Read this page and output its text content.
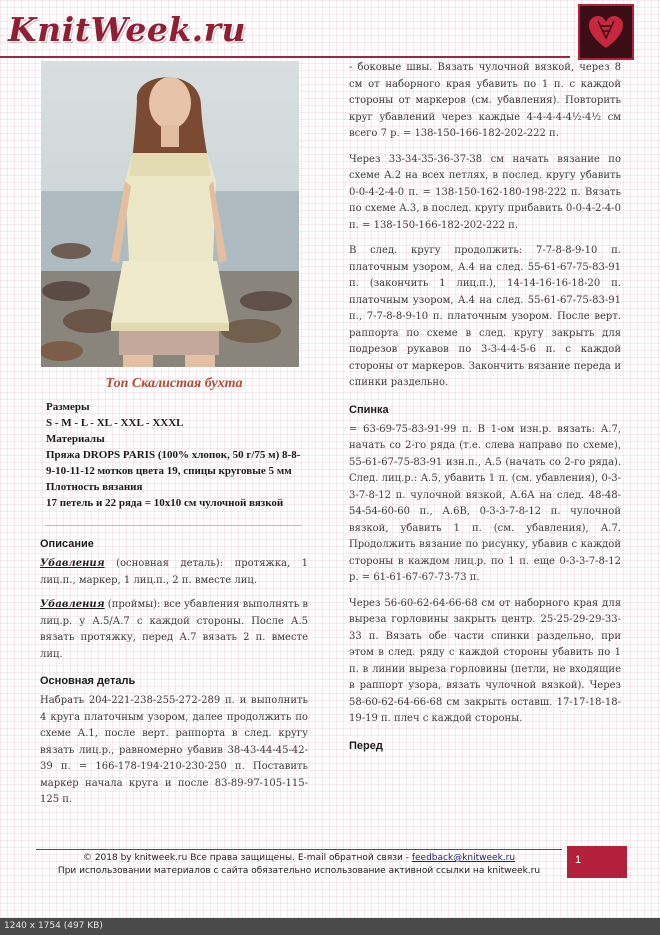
KnitWeek.ru
Топ Скалистая бухта
Размеры
S - M - L - XL - XXL - XXXL
Материалы
Пряжа DROPS PARIS (100% хлопок, 50 г/75 м) 8-8-9-10-11-12 мотков цвета 19, спицы круговые 5 мм
Плотность вязания
17 петель и 22 ряда = 10x10 см чулочной вязкой
Описание

Убавления (основная деталь): протяжка, 1 лиц.п., маркер, 1 лиц.п., 2 п. вместе лиц.

Убавления (проймы): все убавления выполнять в лиц.р. у А.5/А.7 с каждой стороны. После А.5 вязать протяжку, перед А.7 вязать 2 п. вместе лиц.

Основная деталь

Набрать 204-221-238-255-272-289 п. и выполнить 4 круга платочным узором, далее продолжить по схеме А.1, после верт. раппорта в след. кругу вязать лиц.р., равномерно убавив 38-43-44-45-42-39 п. = 166-178-194-210-230-250 п. Поставить маркер начала круга и после 83-89-97-105-115-125 п.

- боковые швы. Вязать чулочной вязкой, через 8 см от наборного края убавить по 1 п. с каждой стороны от маркеров (см. убавления). Повторить круг убавлений через каждые 4-4-4-4-4½-4½ см всего 7 р. = 138-150-166-182-202-222 п.

Через 33-34-35-36-37-38 см начать вязание по схеме А.2 на всех петлях, в послед. кругу убавить 0-0-4-2-4-0 п. = 138-150-162-180-198-222 п. Вязать по схеме А.3, в послед. кругу прибавить 0-0-4-2-4-0 п. = 138-150-166-182-202-222 п.

В след. кругу продолжить: 7-7-8-8-9-10 п. платочным узором, А.4 на след. 55-61-67-75-83-91 п. (закончить 1 лиц.п.), 14-14-16-16-18-20 п. платочным узором, А.4 на след. 55-61-67-75-83-91 п., 7-7-8-8-9-10 п. платочным узором. После верт. раппорта по схеме в след. кругу закрыть для подрезов рукавов по 3-3-4-4-5-6 п. с каждой стороны от маркеров. Закончить вязание переда и спинки раздельно.

Спинка

= 63-69-75-83-91-99 п. В 1-ом изн.р. вязать: А.7, начать со 2-го ряда (т.е. слева направо по схеме), 55-61-67-75-83-91 изн.п., А.5 (начать со 2-го ряда). След. лиц.р.: А.5, убавить 1 п. (см. убавления), 0-3-3-7-8-12 п. чулочной вязкой, А.6А на след. 48-48-54-54-60-60 п., А.6В, 0-3-3-7-8-12 п. чулочной вязкой, убавить 1 п. (см. убавления), А.7. Продолжить вязание по рисунку, убавив с каждой стороны в каждом лиц.р. по 1 п. еще 0-3-3-7-8-12 р. = 61-61-67-67-73-73 п.

Через 56-60-62-64-66-68 см от наборного края для выреза горловины закрыть центр. 25-25-29-29-33-33 п. Вязать обе части спинки раздельно, при этом в след. ряду с каждой стороны убавить по 1 п. в линии выреза горловины (петли, не входящие в раппорт узора, вязать чулочной вязкой). Через 58-60-62-64-66-68 см закрыть оставш. 17-17-18-18-19-19 п. плеч с каждой стороны.

Перед
© 2018 by knitweek.ru Все права защищены. E-mail обратной связи - feedback@knitweek.ru
При использовании материалов с сайта обязательно использование активной ссылки на knitweek.ru
1
1240 x 1754 (497 KB)
